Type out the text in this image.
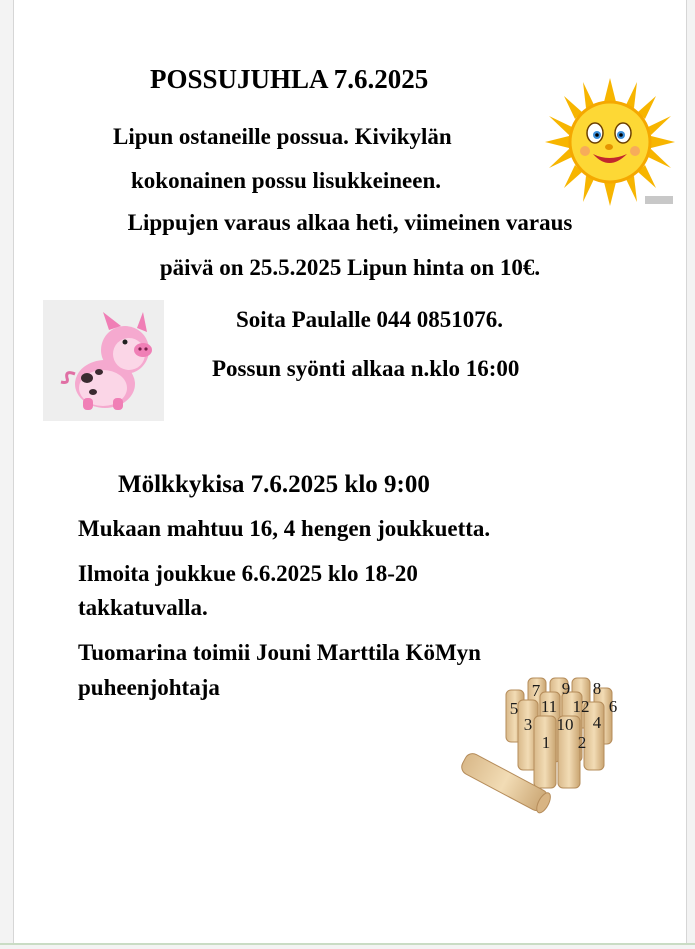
POSSUJUHLA 7.6.2025
Lipun ostaneille possua. Kivikylän
kokonainen possu lisukkeineen.
Lippujen varaus alkaa heti, viimeinen varaus
päivä on 25.5.2025 Lipun hinta on 10€.
Soita Paulalle 044 0851076.
Possun syönti alkaa n.klo 16:00
Mölkkykisa 7.6.2025 klo 9:00
Mukaan mahtuu 16, 4 hengen joukkuetta.
Ilmoita joukkue 6.6.2025 klo 18-20
takkatuvalla.
Tuomarina toimii Jouni Marttila KöMyn
puheenjohtaja
5
7
11
9
12
8
6
3 10 4
1 2
